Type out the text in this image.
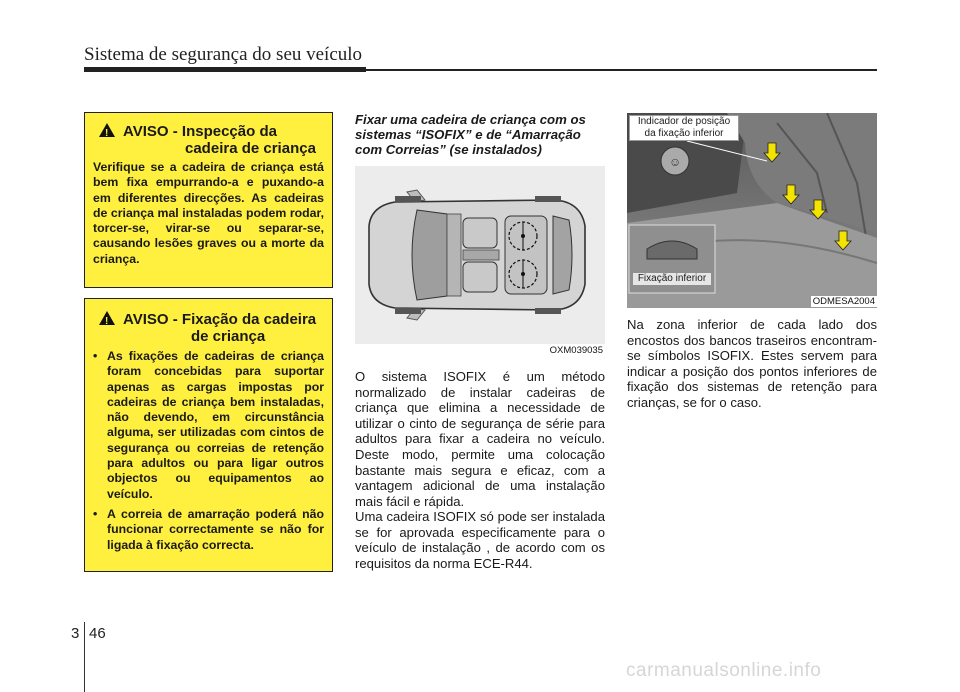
Sistema de segurança do seu veículo
!
AVISO - Inspecção da
cadeira de criança
Verifique se a cadeira de criança está bem fixa empurrando-a e puxando-a em diferentes direcções. As cadeiras de criança mal instaladas podem rodar, torcer-se, virar-se ou separar-se, causando lesões graves ou a morte da criança.
!
AVISO - Fixação da cadeira
de criança
• As fixações de cadeiras de criança foram concebidas para suportar apenas as cargas impostas por cadeiras de criança bem instaladas, não devendo, em circunstância alguma, ser utilizadas com cintos de segurança ou correias de retenção para adultos ou para ligar outros objectos ou equipamentos ao veículo.
• A correia de amarração poderá não funcionar correctamente se não for ligada à fixação correcta.
Fixar uma cadeira de criança com os sistemas “ISOFIX” e de “Amarração com Correias” (se instalados)
OXM039035
O sistema ISOFIX é um método normalizado de instalar cadeiras de criança que elimina a necessidade de utilizar o cinto de segurança de série para adultos para fixar a cadeira no veículo. Deste modo, permite uma colocação bastante mais segura e eficaz, com a vantagem adicional de uma instalação mais fácil e rápida.
Uma cadeira ISOFIX só pode ser instalada se for aprovada especificamente para o veículo de instalação , de acordo com os requisitos da norma ECE-R44.
☺
Indicador de posição
da fixação inferior
Fixação inferior
ODMESA2004
Na zona inferior de cada lado dos encostos dos bancos traseiros encontram-se símbolos ISOFIX. Estes servem para indicar a posição dos pontos inferiores de fixação dos sistemas de retenção para crianças, se for o caso.
3 46
carmanualsonline.info
